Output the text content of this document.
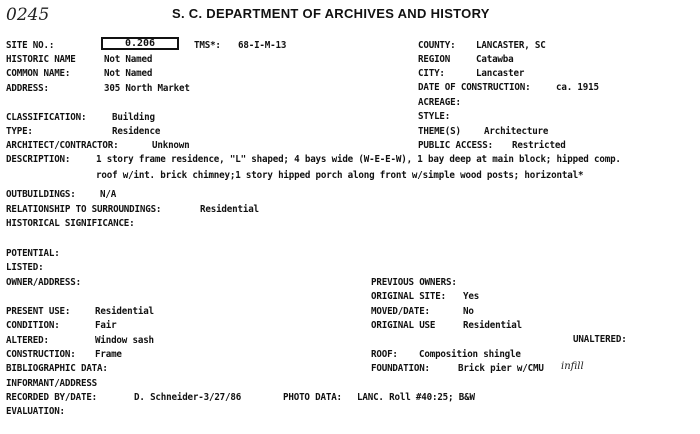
0245	S. C. DEPARTMENT OF ARCHIVES AND HISTORY
SITE NO.:	0.206	TMS*: 68-I-M-13	COUNTY: LANCASTER, SC
HISTORIC NAME	Not Named	REGION	Catawba
COMMON NAME:	Not Named	CITY:	Lancaster
ADDRESS:	305 North Market	DATE OF CONSTRUCTION:	ca. 1915
ACREAGE:
CLASSIFICATION:	Building	STYLE:
TYPE:	Residence	THEME(S) Architecture
ARCHITECT/CONTRACTOR:	Unknown	PUBLIC ACCESS: Restricted
DESCRIPTION:	1 story frame residence, "L" shaped; 4 bays wide (W-E-E-W), 1 bay deep at main block; hipped comp.
roof w/int. brick chimney;1 story hipped porch along front w/simple wood posts; horizontal*
OUTBUILDINGS: N/A
RELATIONSHIP TO SURROUNDINGS:	Residential
HISTORICAL SIGNIFICANCE:
POTENTIAL:
LISTED:
OWNER/ADDRESS:	PREVIOUS OWNERS:
ORIGINAL SITE: Yes
PRESENT USE: Residential	MOVED/DATE:	No
CONDITION:	Fair	ORIGINAL USE	Residential
ALTERED:	Window sash	UNALTERED:
CONSTRUCTION: Frame	ROOF: Composition shingle
BIBLIOGRAPHIC DATA:	FOUNDATION:	Brick pier w/CMU infill
INFORMANT/ADDRESS
RECORDED BY/DATE:	D. Schneider-3/27/86	PHOTO DATA: LANC. Roll #40:25; B&W
EVALUATION:
